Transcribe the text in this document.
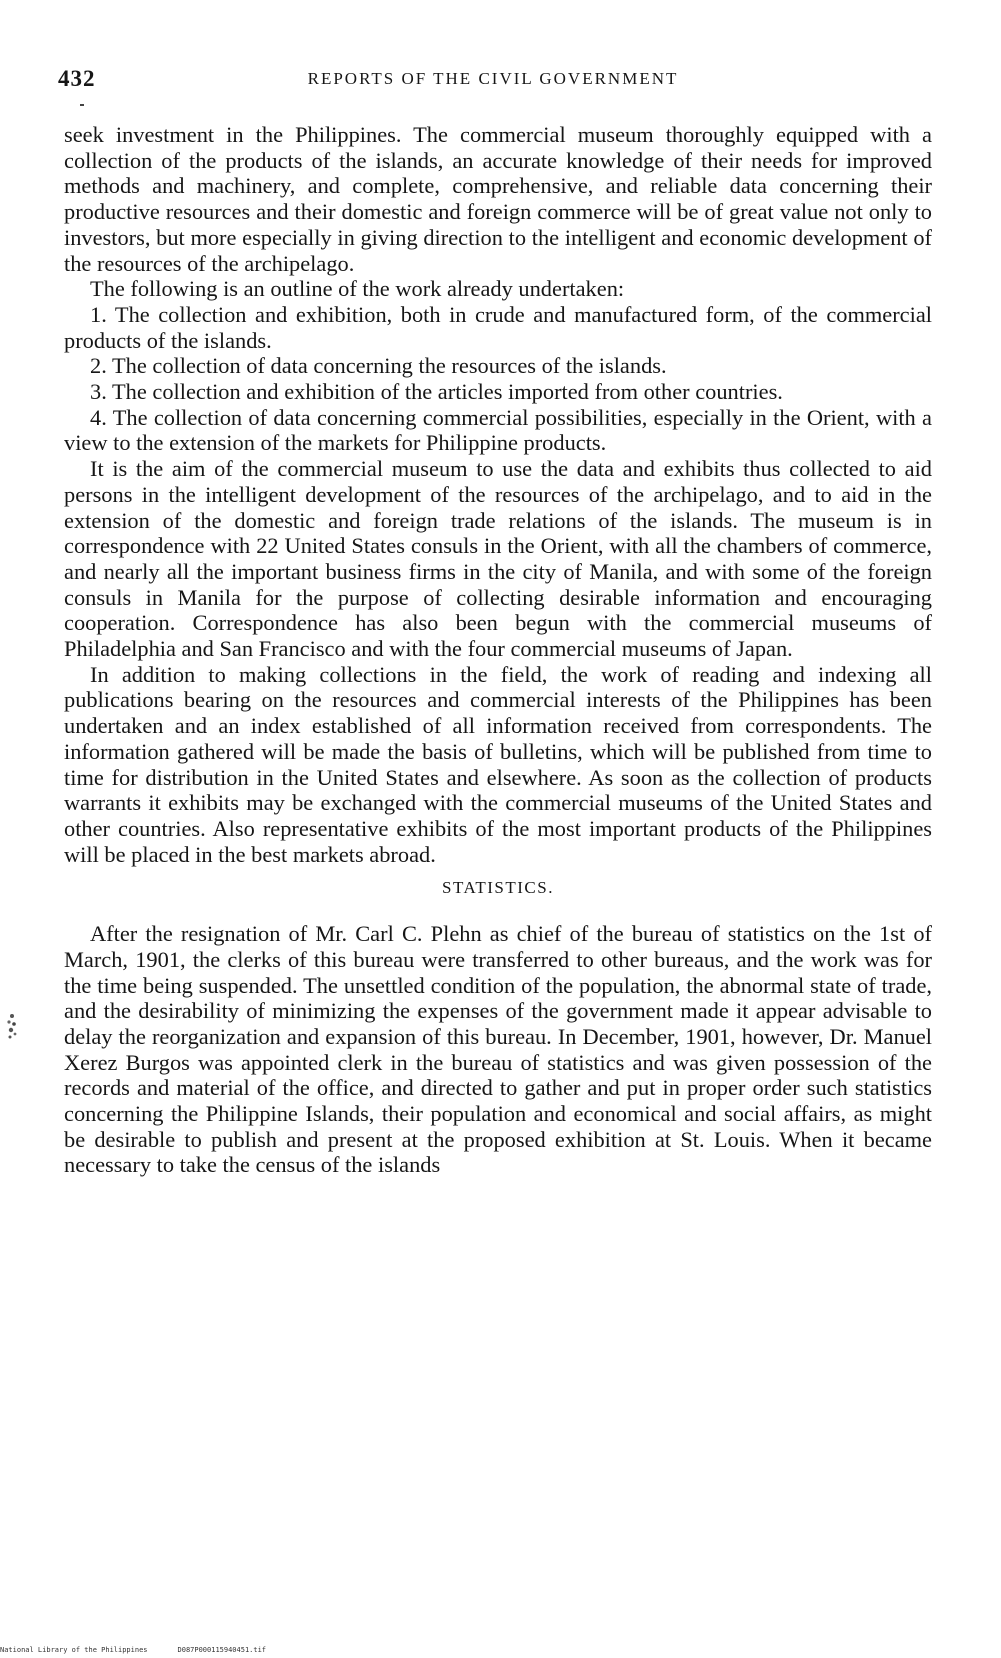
432	REPORTS OF THE CIVIL GOVERNMENT

seek investment in the Philippines. The commercial museum thoroughly equipped with a collection of the products of the islands, an accurate knowledge of their needs for improved methods and machinery, and complete, comprehensive, and reliable data concerning their productive resources and their domestic and foreign commerce will be of great value not only to investors, but more especially in giving direction to the intelligent and economic development of the resources of the archipelago.

The following is an outline of the work already undertaken:

1. The collection and exhibition, both in crude and manufactured form, of the commercial products of the islands.

2. The collection of data concerning the resources of the islands.

3. The collection and exhibition of the articles imported from other countries.

4. The collection of data concerning commercial possibilities, especially in the Orient, with a view to the extension of the markets for Philippine products.

It is the aim of the commercial museum to use the data and exhibits thus collected to aid persons in the intelligent development of the resources of the archipelago, and to aid in the extension of the domestic and foreign trade relations of the islands. The museum is in correspondence with 22 United States consuls in the Orient, with all the chambers of commerce, and nearly all the important business firms in the city of Manila, and with some of the foreign consuls in Manila for the purpose of collecting desirable information and encouraging cooperation. Correspondence has also been begun with the commercial museums of Philadelphia and San Francisco and with the four commercial museums of Japan.

In addition to making collections in the field, the work of reading and indexing all publications bearing on the resources and commercial interests of the Philippines has been undertaken and an index established of all information received from correspondents. The information gathered will be made the basis of bulletins, which will be published from time to time for distribution in the United States and elsewhere. As soon as the collection of products warrants it exhibits may be exchanged with the commercial museums of the United States and other countries. Also representative exhibits of the most important products of the Philippines will be placed in the best markets abroad.

STATISTICS.

After the resignation of Mr. Carl C. Plehn as chief of the bureau of statistics on the 1st of March, 1901, the clerks of this bureau were transferred to other bureaus, and the work was for the time being suspended. The unsettled condition of the population, the abnormal state of trade, and the desirability of minimizing the expenses of the government made it appear advisable to delay the reorganization and expansion of this bureau. In December, 1901, however, Dr. Manuel Xerez Burgos was appointed clerk in the bureau of statistics and was given possession of the records and material of the office, and directed to gather and put in proper order such statistics concerning the Philippine Islands, their population and economical and social affairs, as might be desirable to publish and present at the proposed exhibition at St. Louis. When it became necessary to take the census of the islands

National Library of the Philippines	D087P000115940451.tif
